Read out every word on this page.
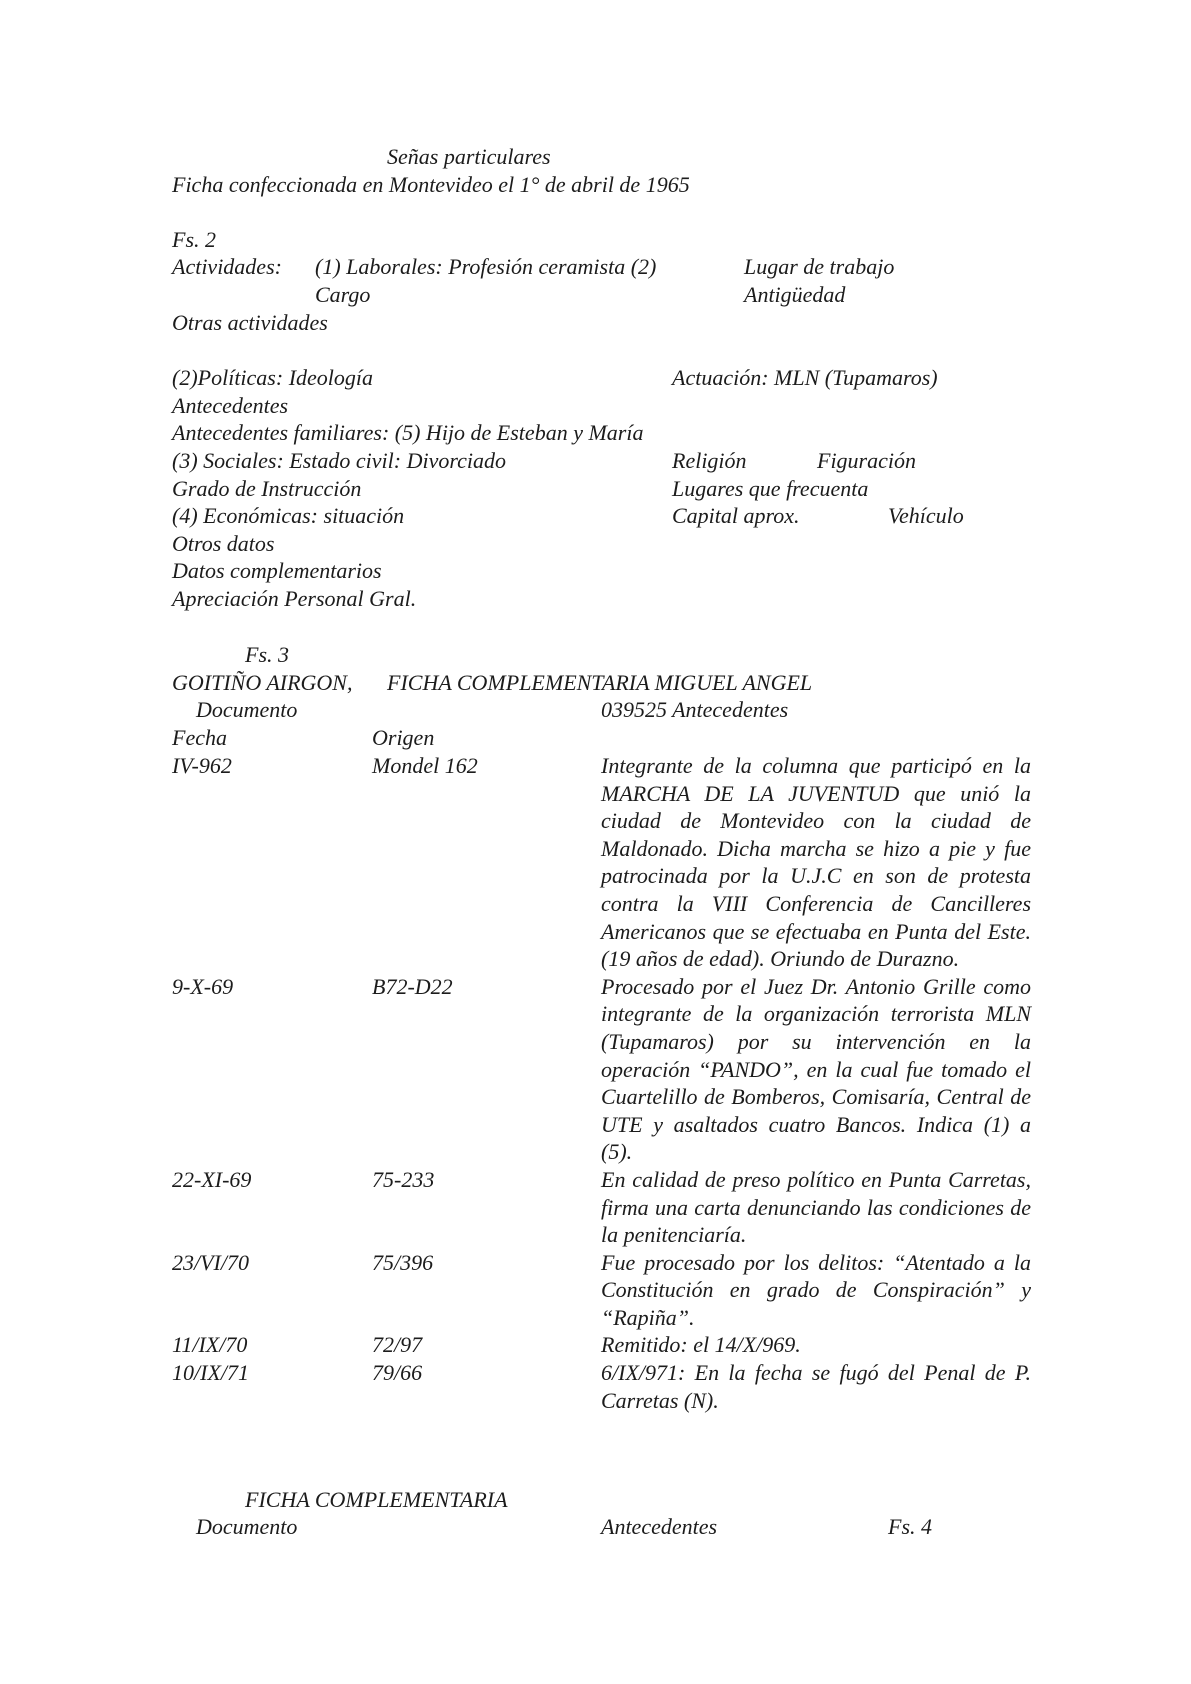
Señas particulares
Ficha confeccionada en Montevideo el 1° de abril de 1965
Fs. 2
Actividades: (1) Laborales: Profesión ceramista (2)	Lugar de trabajo
Cargo	Antigüedad
Otras actividades
(2)Políticas: Ideología	Actuación: MLN (Tupamaros)
Antecedentes
Antecedentes familiares: (5) Hijo de Esteban y María
(3) Sociales: Estado civil: Divorciado	Religión	Figuración
Grado de Instrucción	Lugares que frecuenta
(4) Económicas: situación	Capital aprox.	Vehículo
Otros datos
Datos complementarios
Apreciación Personal Gral.
Fs. 3
GOITIÑO AIRGON, FICHA COMPLEMENTARIA MIGUEL ANGEL
Documento	039525 Antecedentes
Fecha	Origen
IV-962	Mondel 162	Integrante de la columna que participó en la MARCHA DE LA JUVENTUD que unió la ciudad de Montevideo con la ciudad de Maldonado. Dicha marcha se hizo a pie y fue patrocinada por la U.J.C en son de protesta contra la VIII Conferencia de Cancilleres Americanos que se efectuaba en Punta del Este. (19 años de edad). Oriundo de Durazno.
9-X-69	B72-D22	Procesado por el Juez Dr. Antonio Grille como integrante de la organización terrorista MLN (Tupamaros) por su intervención en la operación “PANDO”, en la cual fue tomado el Cuartelillo de Bomberos, Comisaría, Central de UTE y asaltados cuatro Bancos. Indica (1) a (5).
22-XI-69	75-233	En calidad de preso político en Punta Carretas, firma una carta denunciando las condiciones de la penitenciaría.
23/VI/70	75/396	Fue procesado por los delitos: “Atentado a la Constitución en grado de Conspiración” y “Rapiña”.
11/IX/70	72/97	Remitido: el 14/X/969.
10/IX/71	79/66	6/IX/971: En la fecha se fugó del Penal de P. Carretas (N).
FICHA COMPLEMENTARIA
Documento	Antecedentes	Fs. 4
